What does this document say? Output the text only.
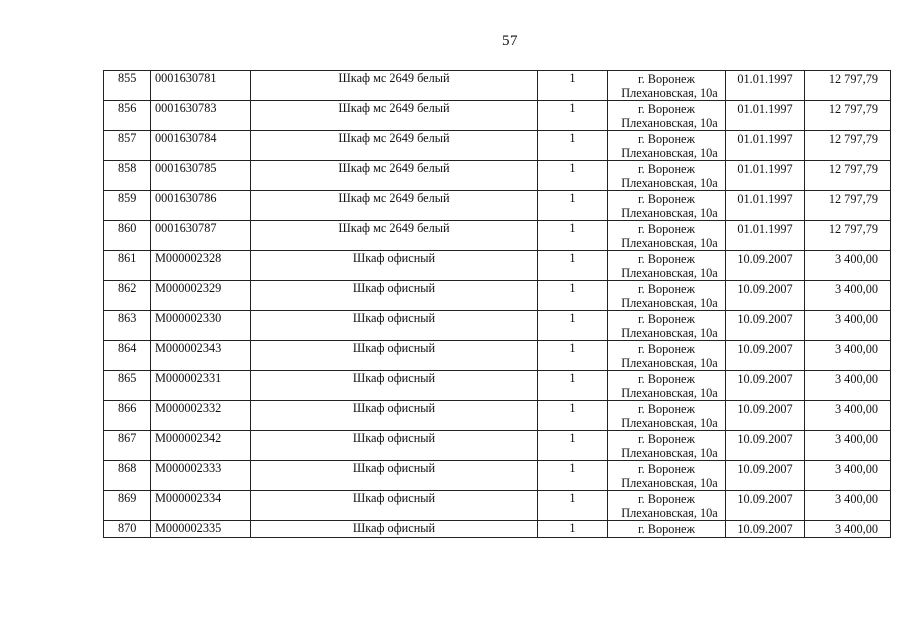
57
855	0001630781	Шкаф мс 2649 белый	1	г. Воронеж
Плехановская, 10а	01.01.1997	12 797,79
856	0001630783	Шкаф мс 2649 белый	1	г. Воронеж
Плехановская, 10а	01.01.1997	12 797,79
857	0001630784	Шкаф мс 2649 белый	1	г. Воронеж
Плехановская, 10а	01.01.1997	12 797,79
858	0001630785	Шкаф мс 2649 белый	1	г. Воронеж
Плехановская, 10а	01.01.1997	12 797,79
859	0001630786	Шкаф мс 2649 белый	1	г. Воронеж
Плехановская, 10а	01.01.1997	12 797,79
860	0001630787	Шкаф мс 2649 белый	1	г. Воронеж
Плехановская, 10а	01.01.1997	12 797,79
861	M000002328	Шкаф офисный	1	г. Воронеж
Плехановская, 10а	10.09.2007	3 400,00
862	M000002329	Шкаф офисный	1	г. Воронеж
Плехановская, 10а	10.09.2007	3 400,00
863	M000002330	Шкаф офисный	1	г. Воронеж
Плехановская, 10а	10.09.2007	3 400,00
864	M000002343	Шкаф офисный	1	г. Воронеж
Плехановская, 10а	10.09.2007	3 400,00
865	M000002331	Шкаф офисный	1	г. Воронеж
Плехановская, 10а	10.09.2007	3 400,00
866	M000002332	Шкаф офисный	1	г. Воронеж
Плехановская, 10а	10.09.2007	3 400,00
867	M000002342	Шкаф офисный	1	г. Воронеж
Плехановская, 10а	10.09.2007	3 400,00
868	M000002333	Шкаф офисный	1	г. Воронеж
Плехановская, 10а	10.09.2007	3 400,00
869	M000002334	Шкаф офисный	1	г. Воронеж
Плехановская, 10а	10.09.2007	3 400,00
870	M000002335	Шкаф офисный	1	г. Воронеж	10.09.2007	3 400,00
